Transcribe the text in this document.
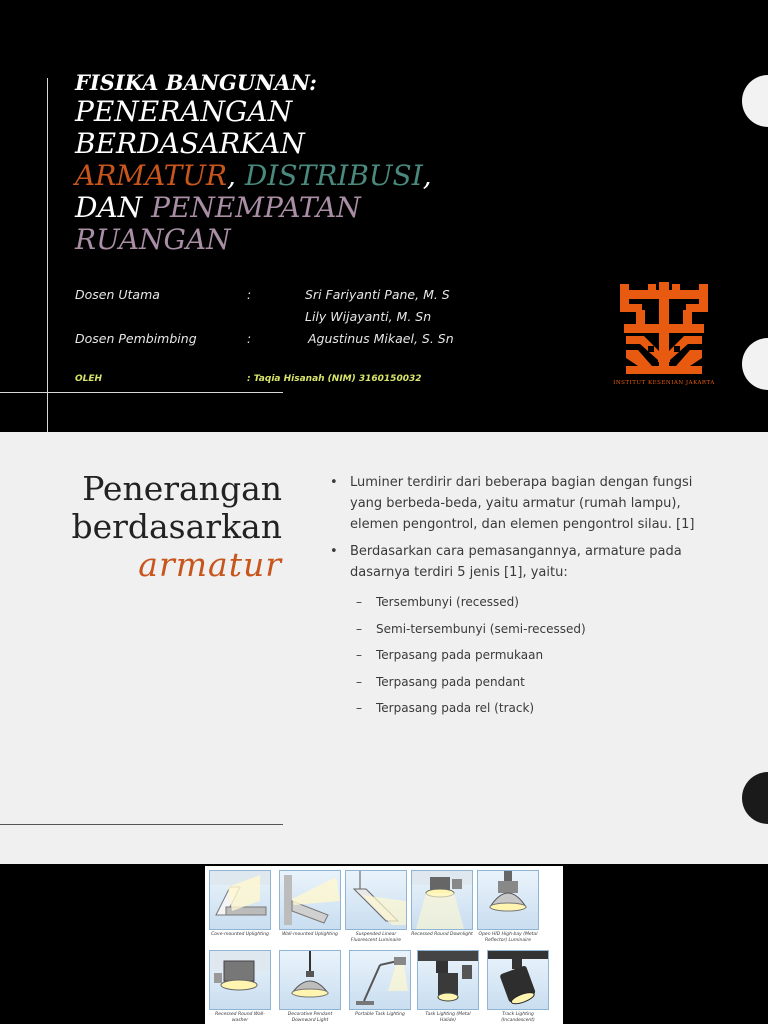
FISIKA BANGUNAN:
PENERANGAN
BERDASARKAN
ARMATUR, DISTRIBUSI,
DAN PENEMPATAN
RUANGAN
Dosen Utama	:	Sri Fariyanti Pane, M. S
Lily Wijayanti, M. Sn
Dosen Pembimbing	:	Agustinus Mikael, S. Sn
OLEH	: Taqia Hisanah (NIM) 3160150032	INSTITUT KESENIAN JAKARTA
Penerangan
berdasarkan
armatur
• Luminer terdirir dari beberapa bagian dengan fungsi yang berbeda-beda, yaitu armatur (rumah lampu), elemen pengontrol, dan elemen pengontrol silau. [1]
• Berdasarkan cara pemasangannya, armature pada dasarnya terdiri 5 jenis [1], yaitu:
– Tersembunyi (recessed)
– Semi-tersembunyi (semi-recessed)
– Terpasang pada permukaan
– Terpasang pada pendant
– Terpasang pada rel (track)
Cove-mounted Uplighting	Wall-mounted Uplighting	Suspended Linear Fluorescent Luminaire
Recessed Round Downlight	Open HID High-bay (Metal Reflector) Luminaire
Recessed Round Wall-washer
Decorative Pendant Downward Light
Portable Task Lighting	Task Lighting (Metal Halide)
Track Lighting (Incandescent)
